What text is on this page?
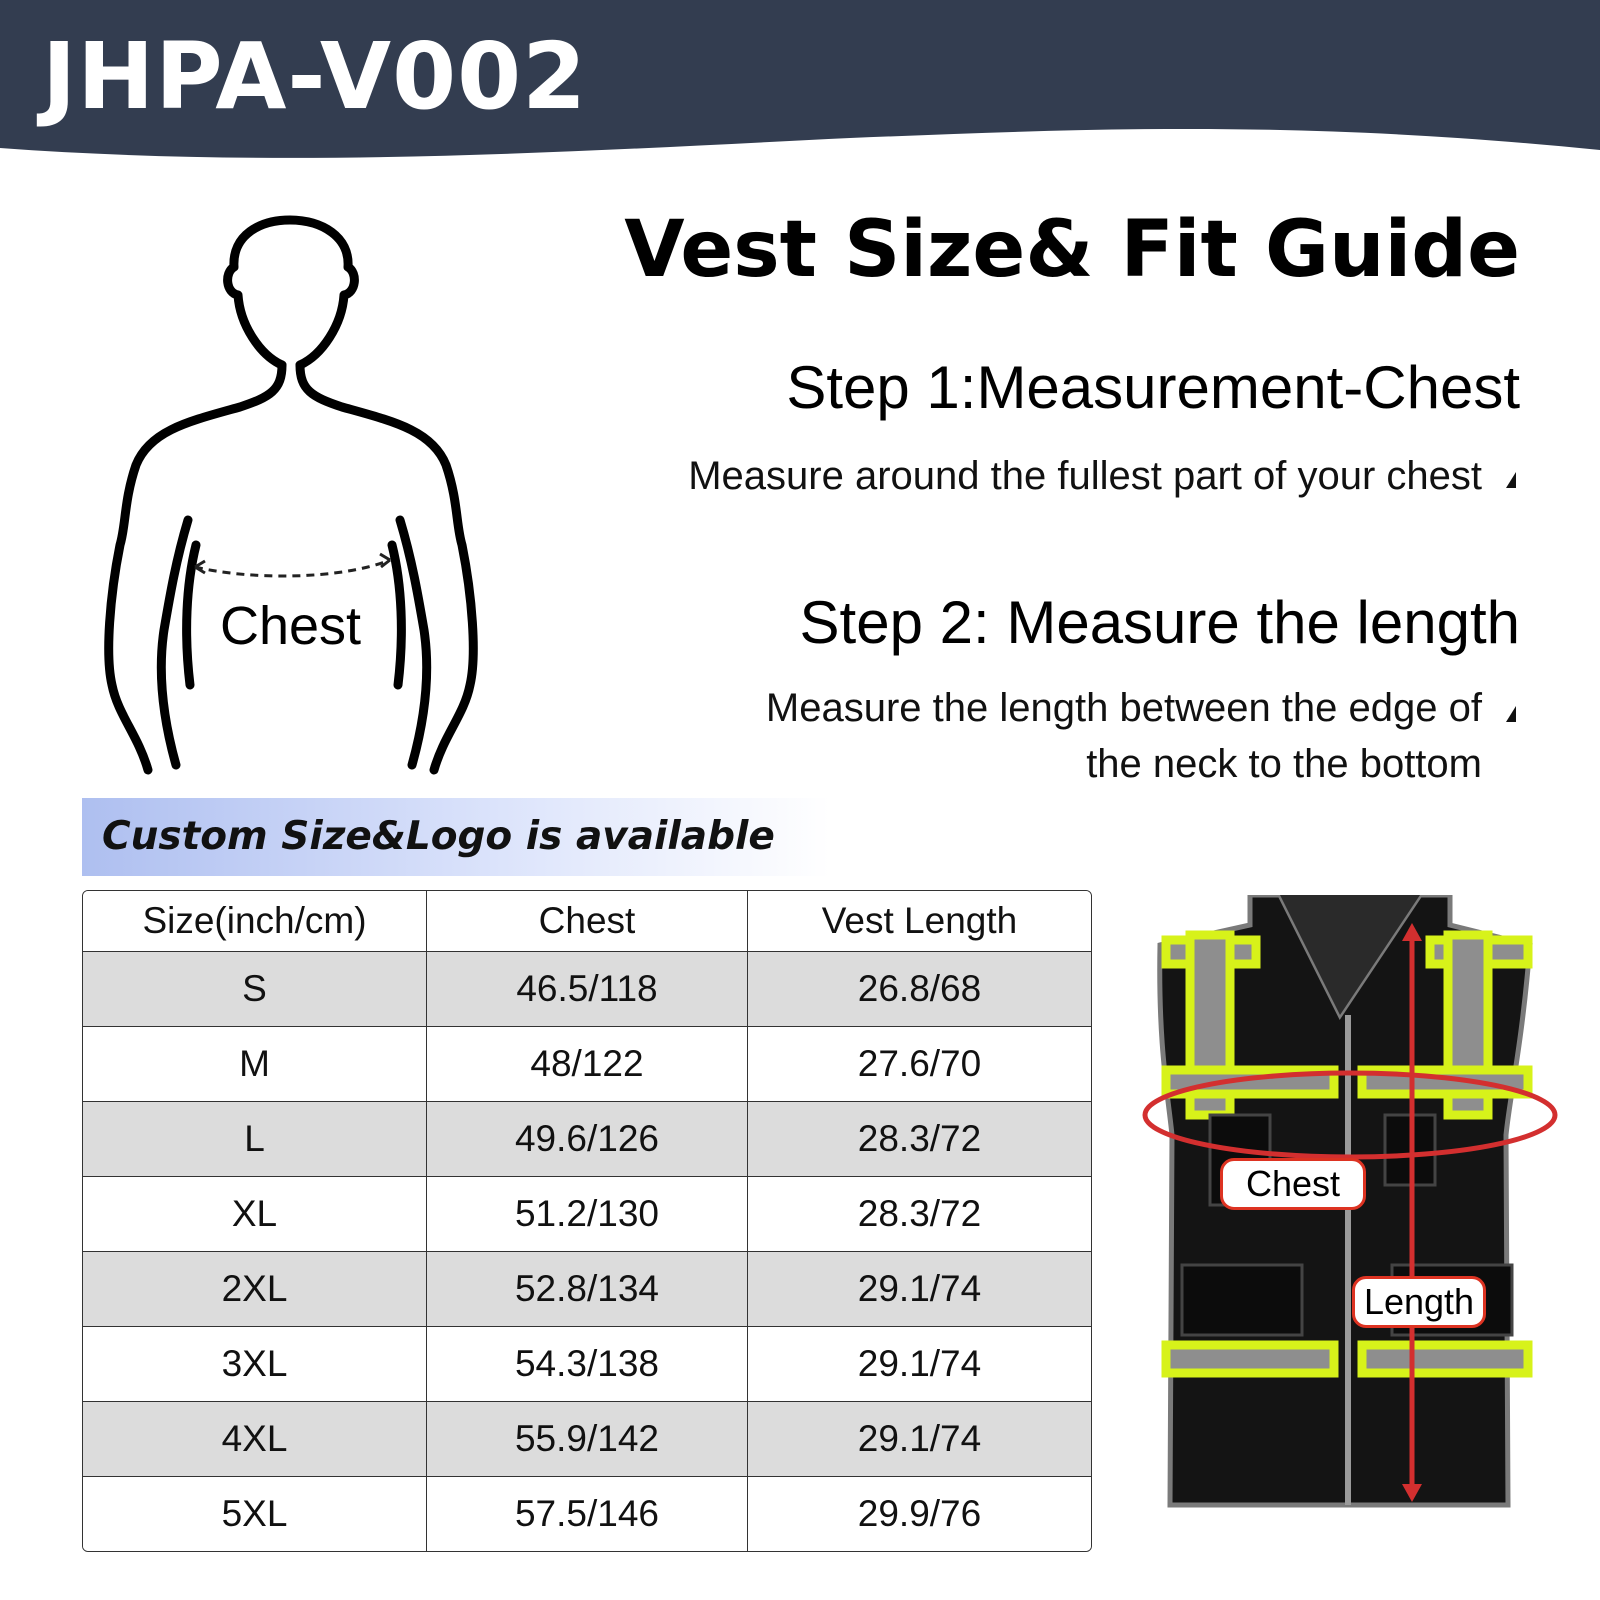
JHPA-V002
Vest Size& Fit Guide
Step 1:Measurement-Chest
Measure around the fullest part of your chest
Step 2: Measure the length
Measure the length between the edge of
the neck to the bottom
Chest
Custom Size&Logo is available
Size(inch/cm)	Chest	Vest Length
S	46.5/118	26.8/68
M	48/122	27.6/70
L	49.6/126	28.3/72
XL	51.2/130	28.3/72
2XL	52.8/134	29.1/74
3XL	54.3/138	29.1/74
4XL	55.9/142	29.1/74
5XL	57.5/146	29.9/76
Chest
Length
